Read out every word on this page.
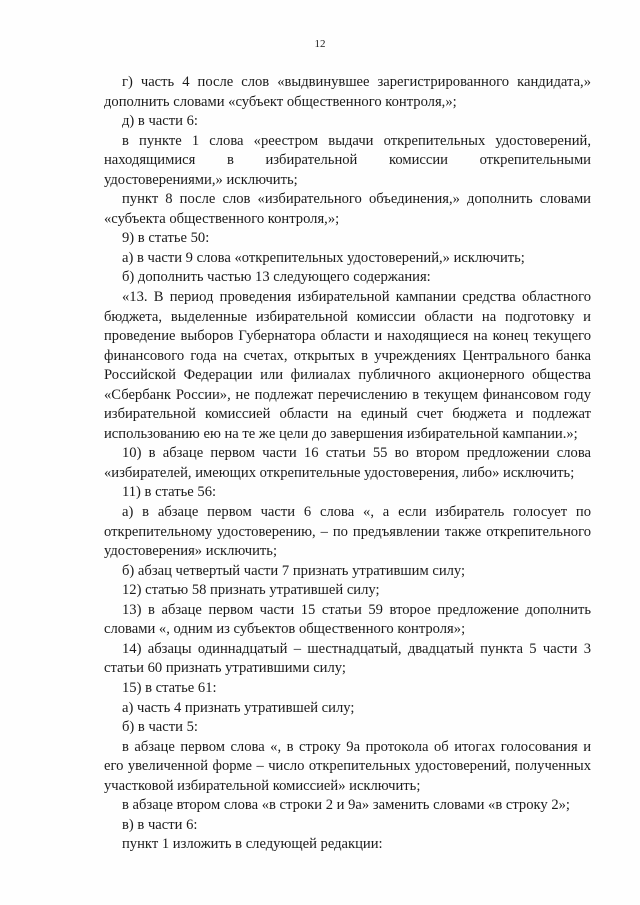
12

г) часть 4 после слов «выдвинувшее зарегистрированного кандидата,» дополнить словами «субъект общественного контроля,»;

д) в части 6:

в пункте 1 слова «реестром выдачи открепительных удостоверений, находящимися в избирательной комиссии открепительными удостоверениями,» исключить;

пункт 8 после слов «избирательного объединения,» дополнить словами «субъекта общественного контроля,»;

9) в статье 50:

а) в части 9 слова «открепительных удостоверений,» исключить;

б) дополнить частью 13 следующего содержания:

«13. В период проведения избирательной кампании средства областного бюджета, выделенные избирательной комиссии области на подготовку и проведение выборов Губернатора области и находящиеся на конец текущего финансового года на счетах, открытых в учреждениях Центрального банка Российской Федерации или филиалах публичного акционерного общества «Сбербанк России», не подлежат перечислению в текущем финансовом году избирательной комиссией области на единый счет бюджета и подлежат использованию ею на те же цели до завершения избирательной кампании.»;

10) в абзаце первом части 16 статьи 55 во втором предложении слова «избирателей, имеющих открепительные удостоверения, либо» исключить;

11) в статье 56:

а) в абзаце первом части 6 слова «, а если избиратель голосует по открепительному удостоверению, – по предъявлении также открепительного удостоверения» исключить;

б) абзац четвертый части 7 признать утратившим силу;

12) статью 58 признать утратившей силу;

13) в абзаце первом части 15 статьи 59 второе предложение дополнить словами «, одним из субъектов общественного контроля»;

14) абзацы одиннадцатый – шестнадцатый, двадцатый пункта 5 части 3 статьи 60 признать утратившими силу;

15) в статье 61:

а) часть 4 признать утратившей силу;

б) в части 5:

в абзаце первом слова «, в строку 9а протокола об итогах голосования и его увеличенной форме – число открепительных удостоверений, полученных участковой избирательной комиссией» исключить;

в абзаце втором слова «в строки 2 и 9а» заменить словами «в строку 2»;

в) в части 6:

пункт 1 изложить в следующей редакции:
